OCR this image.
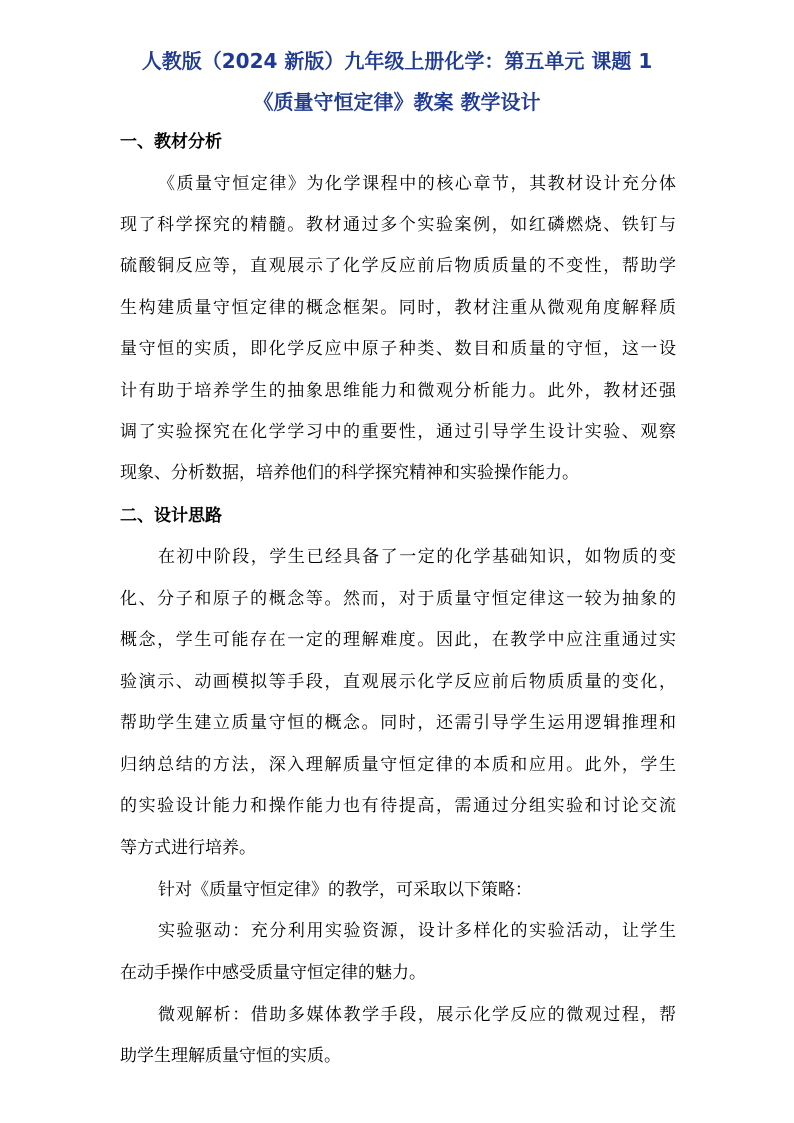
人教版（2024 新版）九年级上册化学：第五单元 课题 1
《质量守恒定律》教案 教学设计
一、教材分析
《质量守恒定律》为化学课程中的核心章节，其教材设计充分体
现了科学探究的精髓。教材通过多个实验案例，如红磷燃烧、铁钉与
硫酸铜反应等，直观展示了化学反应前后物质质量的不变性，帮助学
生构建质量守恒定律的概念框架。同时，教材注重从微观角度解释质
量守恒的实质，即化学反应中原子种类、数目和质量的守恒，这一设
计有助于培养学生的抽象思维能力和微观分析能力。此外，教材还强
调了实验探究在化学学习中的重要性，通过引导学生设计实验、观察
现象、分析数据，培养他们的科学探究精神和实验操作能力。
二、设计思路
在初中阶段，学生已经具备了一定的化学基础知识，如物质的变
化、分子和原子的概念等。然而，对于质量守恒定律这一较为抽象的
概念，学生可能存在一定的理解难度。因此，在教学中应注重通过实
验演示、动画模拟等手段，直观展示化学反应前后物质质量的变化，
帮助学生建立质量守恒的概念。同时，还需引导学生运用逻辑推理和
归纳总结的方法，深入理解质量守恒定律的本质和应用。此外，学生
的实验设计能力和操作能力也有待提高，需通过分组实验和讨论交流
等方式进行培养。
针对《质量守恒定律》的教学，可采取以下策略：
实验驱动：充分利用实验资源，设计多样化的实验活动，让学生
在动手操作中感受质量守恒定律的魅力。
微观解析：借助多媒体教学手段，展示化学反应的微观过程，帮
助学生理解质量守恒的实质。
